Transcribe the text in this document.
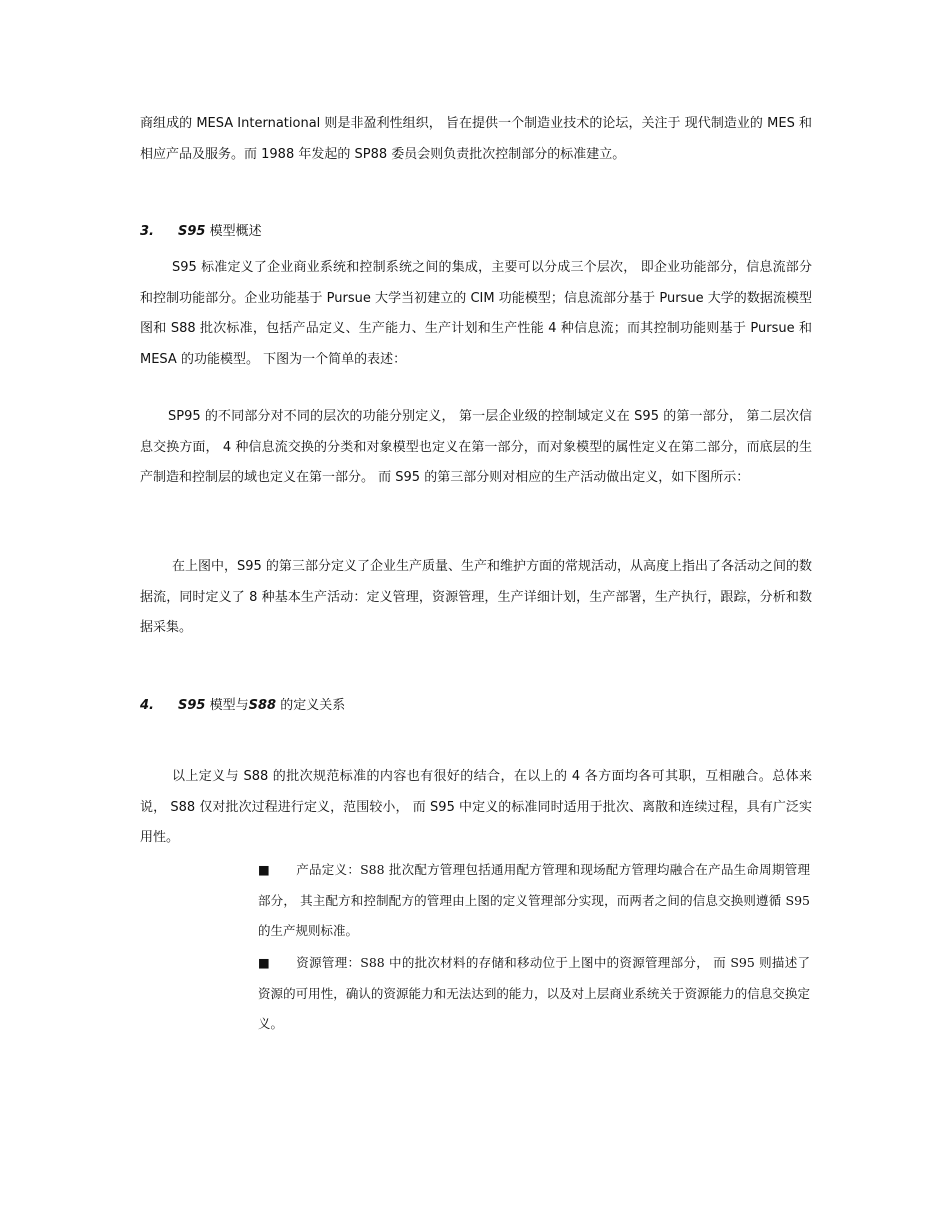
商组成的 MESA International 则是非盈利性组织， 旨在提供一个制造业技术的论坛，关注于 现代制造业的 MES 和相应产品及服务。而 1988 年发起的 SP88 委员会则负责批次控制部分的标准建立。

3. S95 模型概述

S95 标准定义了企业商业系统和控制系统之间的集成，主要可以分成三个层次， 即企业功能部分，信息流部分和控制功能部分。企业功能基于 Pursue 大学当初建立的 CIM 功能模型；信息流部分基于 Pursue 大学的数据流模型图和 S88 批次标准，包括产品定义、生产能力、生产计划和生产性能 4 种信息流；而其控制功能则基于 Pursue 和 MESA 的功能模型。 下图为一个简单的表述：

SP95 的不同部分对不同的层次的功能分别定义， 第一层企业级的控制域定义在 S95 的第一部分， 第二层次信息交换方面， 4 种信息流交换的分类和对象模型也定义在第一部分，而对象模型的属性定义在第二部分，而底层的生产制造和控制层的域也定义在第一部分。 而 S95 的第三部分则对相应的生产活动做出定义，如下图所示：

在上图中，S95 的第三部分定义了企业生产质量、生产和维护方面的常规活动，从高度上指出了各活动之间的数据流，同时定义了 8 种基本生产活动：定义管理，资源管理，生产详细计划，生产部署，生产执行，跟踪，分析和数据采集。

4. S95 模型与S88 的定义关系

以上定义与 S88 的批次规范标准的内容也有很好的结合，在以上的 4 各方面均各可其职，互相融合。总体来说， S88 仅对批次过程进行定义，范围较小， 而 S95 中定义的标准同时适用于批次、离散和连续过程，具有广泛实用性。

■ 产品定义：S88 批次配方管理包括通用配方管理和现场配方管理均融合在产品生命周期管理部分， 其主配方和控制配方的管理由上图的定义管理部分实现，而两者之间的信息交换则遵循 S95 的生产规则标准。

■ 资源管理：S88 中的批次材料的存储和移动位于上图中的资源管理部分， 而 S95 则描述了资源的可用性，确认的资源能力和无法达到的能力，以及对上层商业系统关于资源能力的信息交换定义。
